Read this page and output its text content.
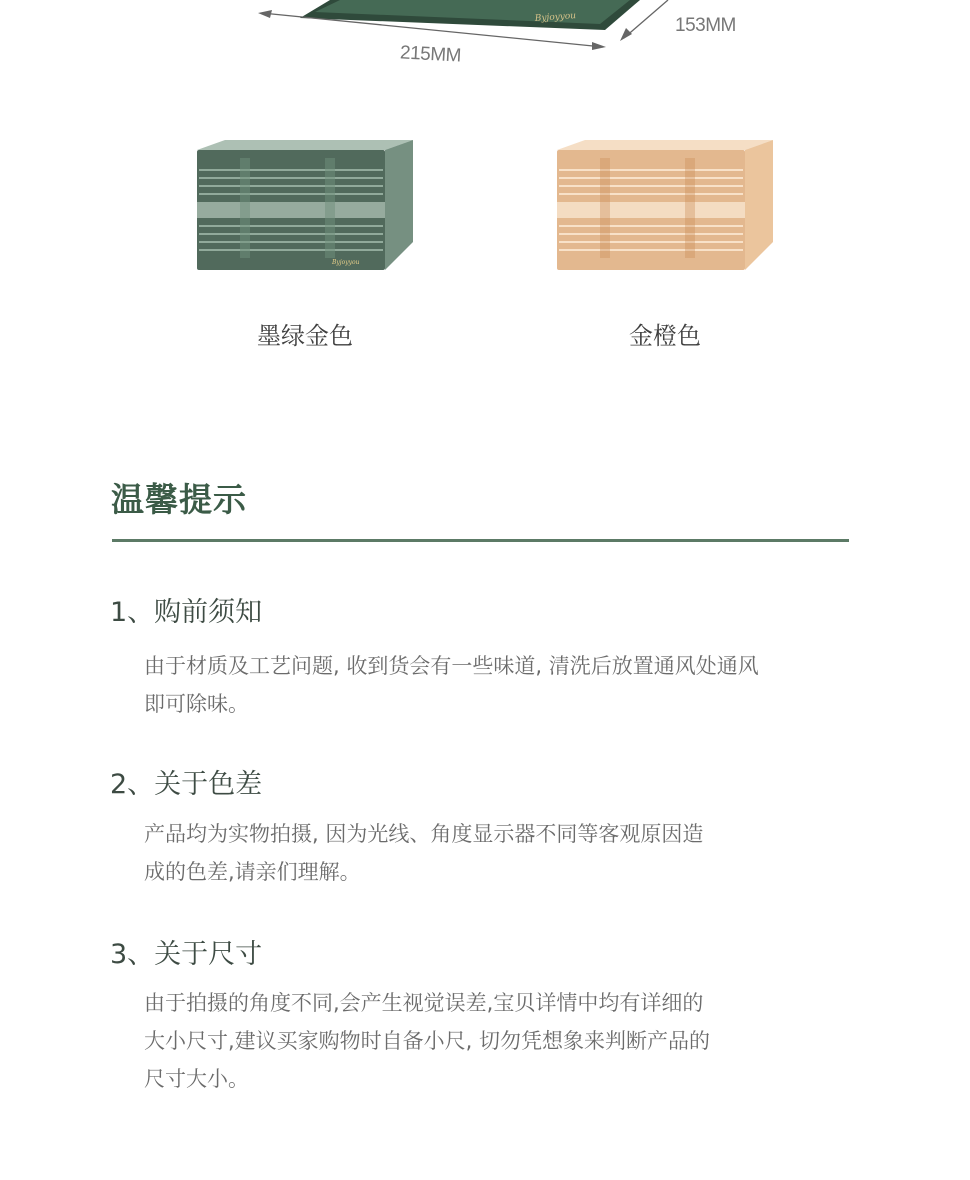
Byjoyyou
215MM
153MM
Byjoyyou
墨绿金色	金橙色
温馨提示
1、购前须知
由于材质及工艺问题, 收到货会有一些味道, 清洗后放置通风处通风
即可除味。
2、关于色差
产品均为实物拍摄, 因为光线、角度显示器不同等客观原因造
成的色差,请亲们理解。
3、关于尺寸
由于拍摄的角度不同,会产生视觉误差,宝贝详情中均有详细的
大小尺寸,建议买家购物时自备小尺, 切勿凭想象来判断产品的
尺寸大小。
